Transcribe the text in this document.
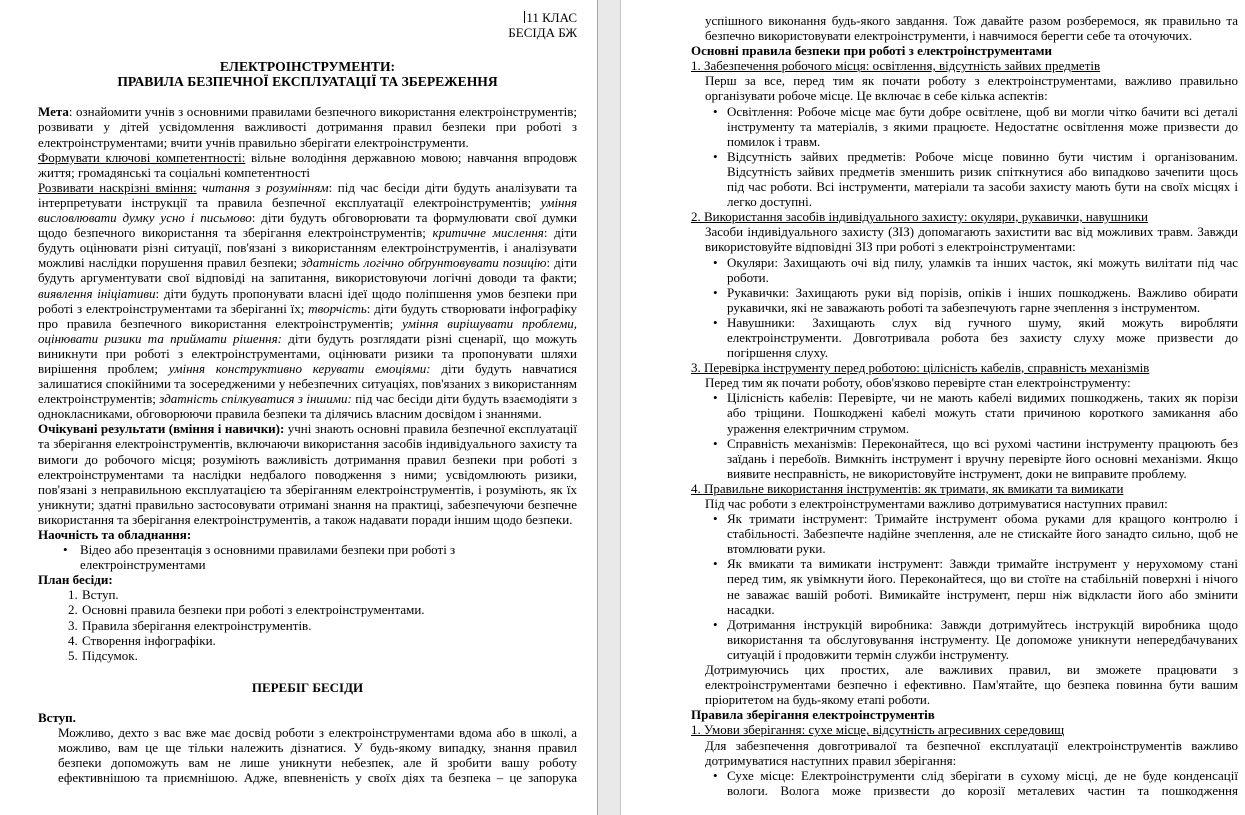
11 КЛАС
БЕСІДА БЖ
ЕЛЕКТРОІНСТРУМЕНТИ:
ПРАВИЛА БЕЗПЕЧНОЇ ЕКСПЛУАТАЦІЇ ТА ЗБЕРЕЖЕННЯ
Мета: ознайомити учнів з основними правилами безпечного використання електроінструментів; розвивати у дітей усвідомлення важливості дотримання правил безпеки при роботі з електроінструментами; вчити учнів правильно зберігати електроінструменти.
Формувати ключові компетентності: вільне володіння державною мовою; навчання впродовж життя; громадянські та соціальні компетентності
Розвивати наскрізні вміння: читання з розумінням: під час бесіди діти будуть аналізувати та інтерпретувати інструкції та правила безпечної експлуатації електроінструментів; уміння висловлювати думку усно і письмово: діти будуть обговорювати та формулювати свої думки щодо безпечного використання та зберігання електроінструментів; критичне мислення: діти будуть оцінювати різні ситуації, пов'язані з використанням електроінструментів, і аналізувати можливі наслідки порушення правил безпеки; здатність логічно обґрунтовувати позицію: діти будуть аргументувати свої відповіді на запитання, використовуючи логічні доводи та факти; виявлення ініціативи: діти будуть пропонувати власні ідеї щодо поліпшення умов безпеки при роботі з електроінструментами та зберіганні їх; творчість: діти будуть створювати інфографіку про правила безпечного використання електроінструментів; уміння вирішувати проблеми, оцінювати ризики та приймати рішення: діти будуть розглядати різні сценарії, що можуть виникнути при роботі з електроінструментами, оцінювати ризики та пропонувати шляхи вирішення проблем; уміння конструктивно керувати емоціями: діти будуть навчатися залишатися спокійними та зосередженими у небезпечних ситуаціях, пов'язаних з використанням електроінструментів; здатність спілкуватися з іншими: під час бесіди діти будуть взаємодіяти з однокласниками, обговорюючи правила безпеки та ділячись власним досвідом і знаннями.
Очікувані результати (вміння і навички): учні знають основні правила безпечної експлуатації та зберігання електроінструментів, включаючи використання засобів індивідуального захисту та вимоги до робочого місця; розуміють важливість дотримання правил безпеки при роботі з електроінструментами та наслідки недбалого поводження з ними; усвідомлюють ризики, пов'язані з неправильною експлуатацією та зберіганням електроінструментів, і розуміють, як їх уникнути; здатні правильно застосовувати отримані знання на практиці, забезпечуючи безпечне використання та зберігання електроінструментів, а також надавати поради іншим щодо безпеки.
Наочність та обладнання:
• Відео або презентація з основними правилами безпеки при роботі з електроінструментами
План бесіди:
1. Вступ.
2. Основні правила безпеки при роботі з електроінструментами.
3. Правила зберігання електроінструментів.
4. Створення інфографіки.
5. Підсумок.
ПЕРЕБІГ БЕСІДИ
Вступ.
Можливо, дехто з вас вже має досвід роботи з електроінструментами вдома або в школі, а можливо, вам це ще тільки належить дізнатися. У будь-якому випадку, знання правил безпеки допоможуть вам не лише уникнути небезпек, але й зробити вашу роботу ефективнішою та приємнішою. Адже, впевненість у своїх діях та безпека – це запорука
успішного виконання будь-якого завдання. Тож давайте разом розберемося, як правильно та безпечно використовувати електроінструменти, і навчимося берегти себе та оточуючих.
Основні правила безпеки при роботі з електроінструментами
1. Забезпечення робочого місця: освітлення, відсутність зайвих предметів
Перш за все, перед тим як почати роботу з електроінструментами, важливо правильно організувати робоче місце. Це включає в себе кілька аспектів:
• Освітлення: Робоче місце має бути добре освітлене, щоб ви могли чітко бачити всі деталі інструменту та матеріалів, з якими працюєте. Недостатнє освітлення може призвести до помилок і травм.
• Відсутність зайвих предметів: Робоче місце повинно бути чистим і організованим. Відсутність зайвих предметів зменшить ризик спіткнутися або випадково зачепити щось під час роботи. Всі інструменти, матеріали та засоби захисту мають бути на своїх місцях і легко доступні.
2. Використання засобів індивідуального захисту: окуляри, рукавички, навушники
Засоби індивідуального захисту (ЗІЗ) допомагають захистити вас від можливих травм. Завжди використовуйте відповідні ЗІЗ при роботі з електроінструментами:
• Окуляри: Захищають очі від пилу, уламків та інших часток, які можуть вилітати під час роботи.
• Рукавички: Захищають руки від порізів, опіків і інших пошкоджень. Важливо обирати рукавички, які не заважають роботі та забезпечують гарне зчеплення з інструментом.
• Навушники: Захищають слух від гучного шуму, який можуть виробляти електроінструменти. Довготривала робота без захисту слуху може призвести до погіршення слуху.
3. Перевірка інструменту перед роботою: цілісність кабелів, справність механізмів
Перед тим як почати роботу, обов'язково перевірте стан електроінструменту:
• Цілісність кабелів: Перевірте, чи не мають кабелі видимих пошкоджень, таких як порізи або тріщини. Пошкоджені кабелі можуть стати причиною короткого замикання або ураження електричним струмом.
• Справність механізмів: Переконайтеся, що всі рухомі частини інструменту працюють без заїдань і перебоїв. Вимкніть інструмент і вручну перевірте його основні механізми. Якщо виявите несправність, не використовуйте інструмент, доки не виправите проблему.
4. Правильне використання інструментів: як тримати, як вмикати та вимикати
Під час роботи з електроінструментами важливо дотримуватися наступних правил:
• Як тримати інструмент: Тримайте інструмент обома руками для кращого контролю і стабільності. Забезпечте надійне зчеплення, але не стискайте його занадто сильно, щоб не втомлювати руки.
• Як вмикати та вимикати інструмент: Завжди тримайте інструмент у нерухомому стані перед тим, як увімкнути його. Переконайтеся, що ви стоїте на стабільній поверхні і нічого не заважає вашій роботі. Вимикайте інструмент, перш ніж відкласти його або змінити насадки.
• Дотримання інструкцій виробника: Завжди дотримуйтесь інструкцій виробника щодо використання та обслуговування інструменту. Це допоможе уникнути непередбачуваних ситуацій і продовжити термін служби інструменту.
Дотримуючись цих простих, але важливих правил, ви зможете працювати з електроінструментами безпечно і ефективно. Пам'ятайте, що безпека повинна бути вашим пріоритетом на будь-якому етапі роботи.
Правила зберігання електроінструментів
1. Умови зберігання: сухе місце, відсутність агресивних середовищ
Для забезпечення довготривалої та безпечної експлуатації електроінструментів важливо дотримуватися наступних правил зберігання:
• Сухе місце: Електроінструменти слід зберігати в сухому місці, де не буде конденсації вологи. Волога може призвести до корозії металевих частин та пошкодження
